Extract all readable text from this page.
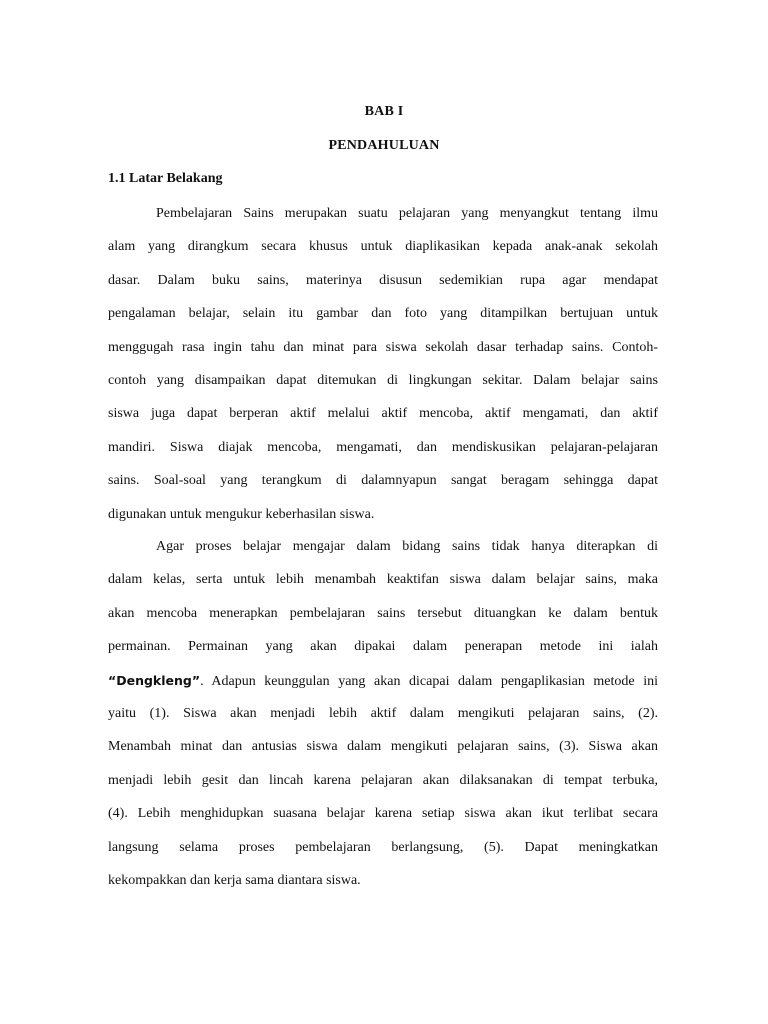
BAB I
PENDAHULUAN
1.1 Latar Belakang
Pembelajaran Sains merupakan suatu pelajaran yang menyangkut tentang ilmu
alam yang dirangkum secara khusus untuk diaplikasikan kepada anak-anak sekolah
dasar. Dalam buku sains, materinya disusun sedemikian rupa agar mendapat
pengalaman belajar, selain itu gambar dan foto yang ditampilkan bertujuan untuk
menggugah rasa ingin tahu dan minat para siswa sekolah dasar terhadap sains. Contoh-
contoh yang disampaikan dapat ditemukan di lingkungan sekitar. Dalam belajar sains
siswa juga dapat berperan aktif melalui aktif mencoba, aktif mengamati, dan aktif
mandiri. Siswa diajak mencoba, mengamati, dan mendiskusikan pelajaran-pelajaran
sains. Soal-soal yang terangkum di dalamnyapun sangat beragam sehingga dapat
digunakan untuk mengukur keberhasilan siswa.
Agar proses belajar mengajar dalam bidang sains tidak hanya diterapkan di
dalam kelas, serta untuk lebih menambah keaktifan siswa dalam belajar sains, maka
akan mencoba menerapkan pembelajaran sains tersebut dituangkan ke dalam bentuk
permainan. Permainan yang akan dipakai dalam penerapan metode ini ialah
“Dengkleng”. Adapun keunggulan yang akan dicapai dalam pengaplikasian metode ini
yaitu (1). Siswa akan menjadi lebih aktif dalam mengikuti pelajaran sains, (2).
Menambah minat dan antusias siswa dalam mengikuti pelajaran sains, (3). Siswa akan
menjadi lebih gesit dan lincah karena pelajaran akan dilaksanakan di tempat terbuka,
(4). Lebih menghidupkan suasana belajar karena setiap siswa akan ikut terlibat secara
langsung selama proses pembelajaran berlangsung, (5). Dapat meningkatkan
kekompakkan dan kerja sama diantara siswa.
